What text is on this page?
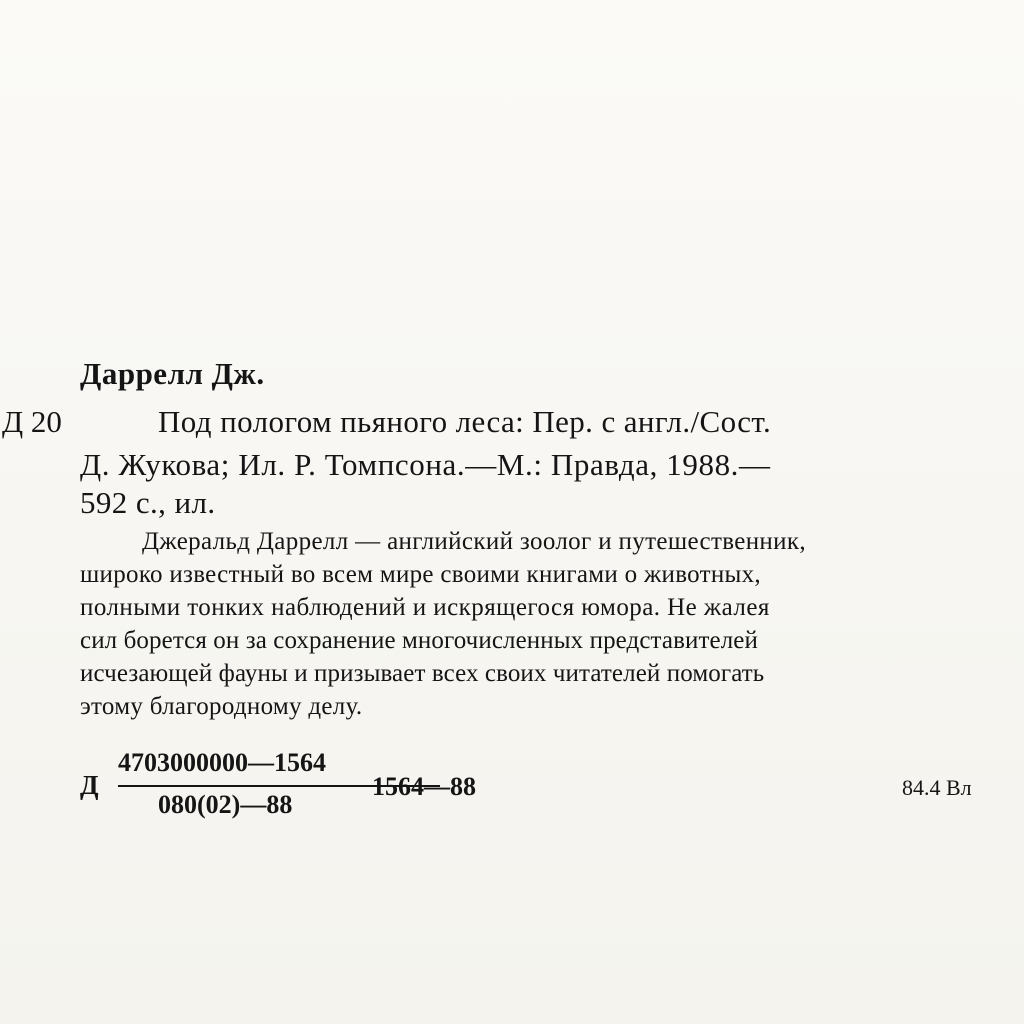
Даррелл Дж.
Д 20	Под пологом пьяного леса: Пер. с англ./Сост.
Д. Жукова; Ил. Р. Томпсона.—М.: Правда, 1988.—
592 с., ил.
Джеральд Даррелл — английский зоолог и путешественник,
широко известный во всем мире своими книгами о животных,
полными тонких наблюдений и искрящегося юмора. Не жалея
сил борется он за сохранение многочисленных представителей
исчезающей фауны и призывает всех своих читателей помогать
этому благородному делу.
Д
4703000000—1564
080(02)—88
1564—88	84.4 Вл
